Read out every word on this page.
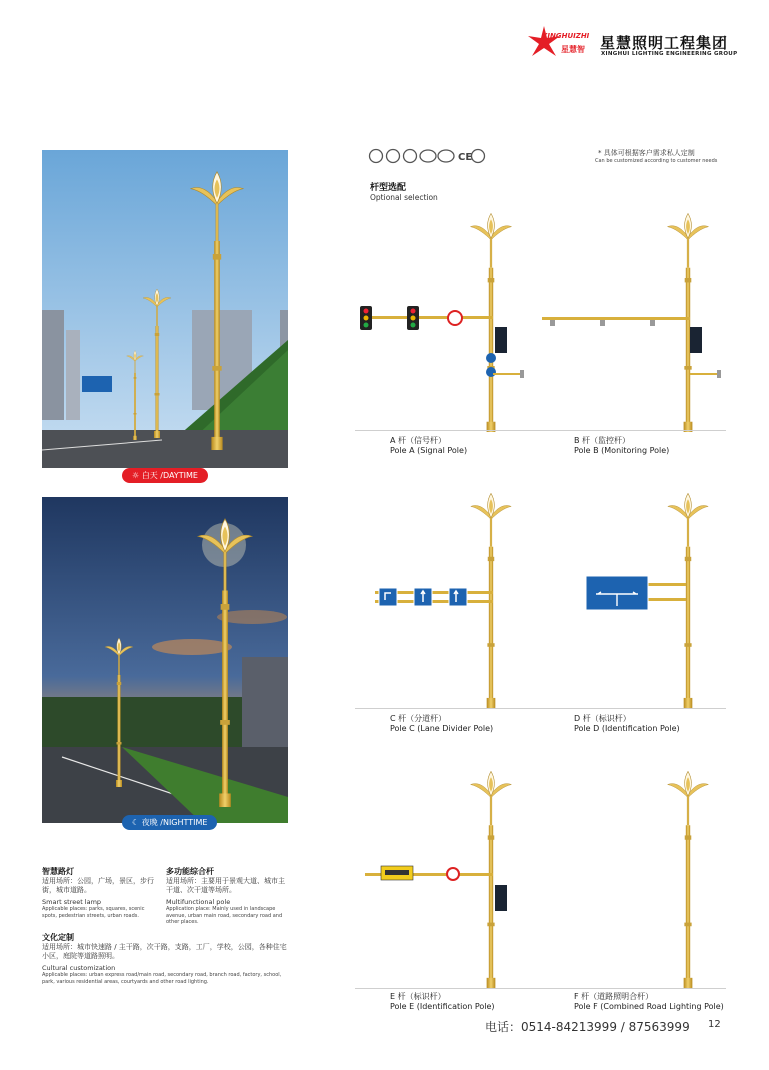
XINGHUIZHI
星慧智 星慧照明工程集团
XINGHUI LIGHTING ENGINEERING GROUP
☼ 白天 /DAYTIME
☾ 夜晚 /NIGHTTIME
智慧路灯
适用场所：公园，广场，景区，步行街，城市道路。
Smart street lamp
Applicable places: parks, squares, scenic spots, pedestrian streets, urban roads.
多功能综合杆
适用场所：主要用于景观大道、城市主干道、次干道等场所。
Multifunctional pole
Application place: Mainly used in landscape avenue, urban main road, secondary road and other places.
文化定制
适用场所：城市快速路 / 主干路，次干路，支路，工厂，学校，公园，各种住宅小区，庭院等道路照明。
Cultural customization
Applicable places: urban express road/main road, secondary road, branch road, factory, school, park, various residential areas, courtyards and other road lighting.
CE	* 具体可根据客户需求私人定制
Can be customized according to customer needs
杆型选配
Optional selection
A 杆（信号杆）
Pole A (Signal Pole)
B 杆（监控杆）
Pole B (Monitoring Pole)
C 杆（分道杆）
Pole C (Lane Divider Pole)
D 杆（标识杆）
Pole D (Identification Pole)
E 杆（标识杆）
Pole E (Identification Pole)
F 杆（道路照明合杆）
Pole F (Combined Road Lighting Pole)
电话：0514-84213999 / 87563999 12
